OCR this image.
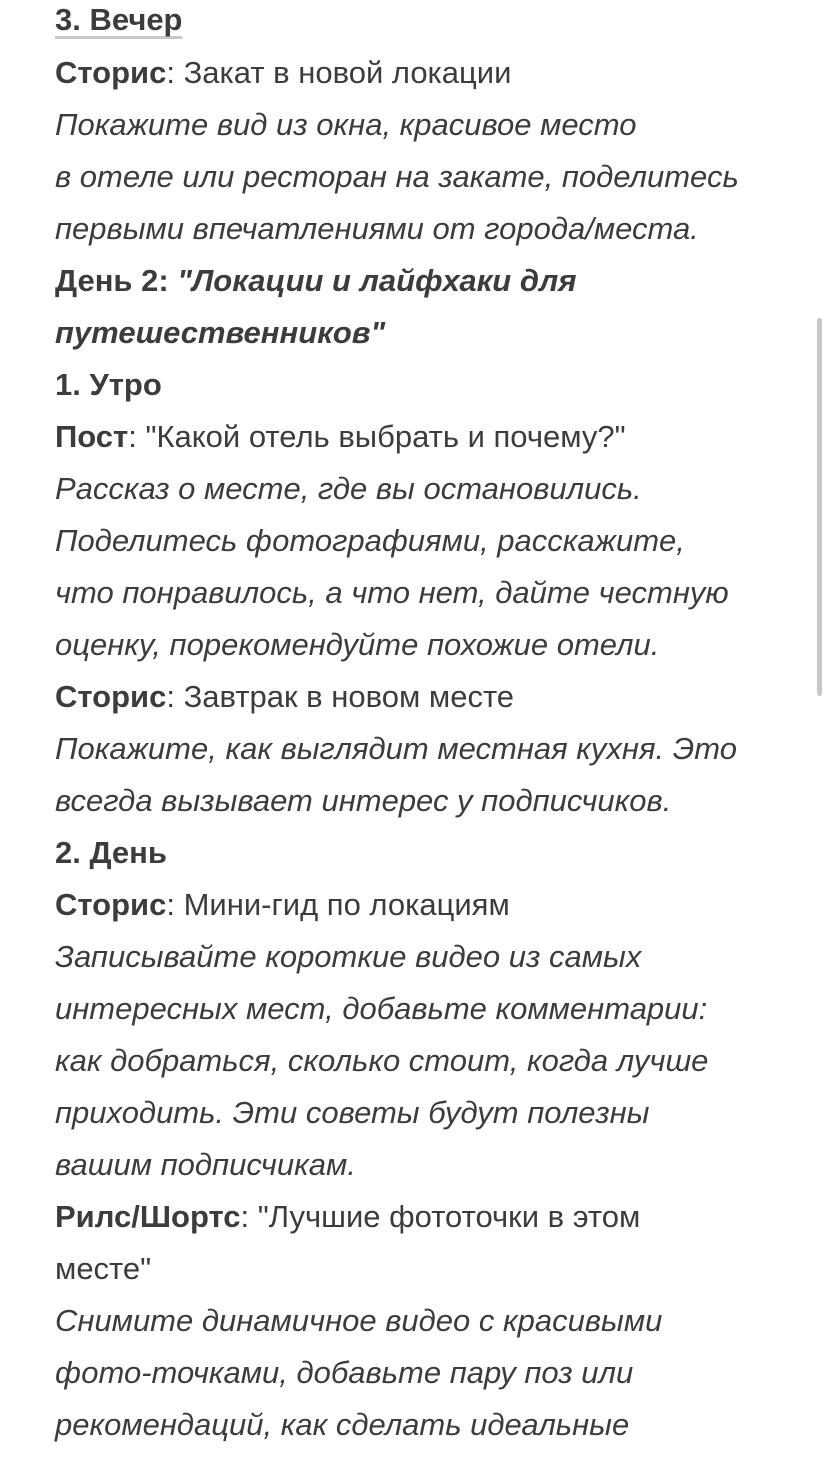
3. Вечер
Сторис: Закат в новой локации
Покажите вид из окна, красивое место
в отеле или ресторан на закате, поделитесь
первыми впечатлениями от города/места.
День 2: "Локации и лайфхаки для
путешественников"
1. Утро
Пост: "Какой отель выбрать и почему?"
Рассказ о месте, где вы остановились.
Поделитесь фотографиями, расскажите,
что понравилось, а что нет, дайте честную
оценку, порекомендуйте похожие отели.
Сторис: Завтрак в новом месте
Покажите, как выглядит местная кухня. Это
всегда вызывает интерес у подписчиков.
2. День
Сторис: Мини-гид по локациям
Записывайте короткие видео из самых
интересных мест, добавьте комментарии:
как добраться, сколько стоит, когда лучше
приходить. Эти советы будут полезны
вашим подписчикам.
Рилс/Шортс: "Лучшие фототочки в этом
месте"
Снимите динамичное видео с красивыми
фото-точками, добавьте пару поз или
рекомендаций, как сделать идеальные
